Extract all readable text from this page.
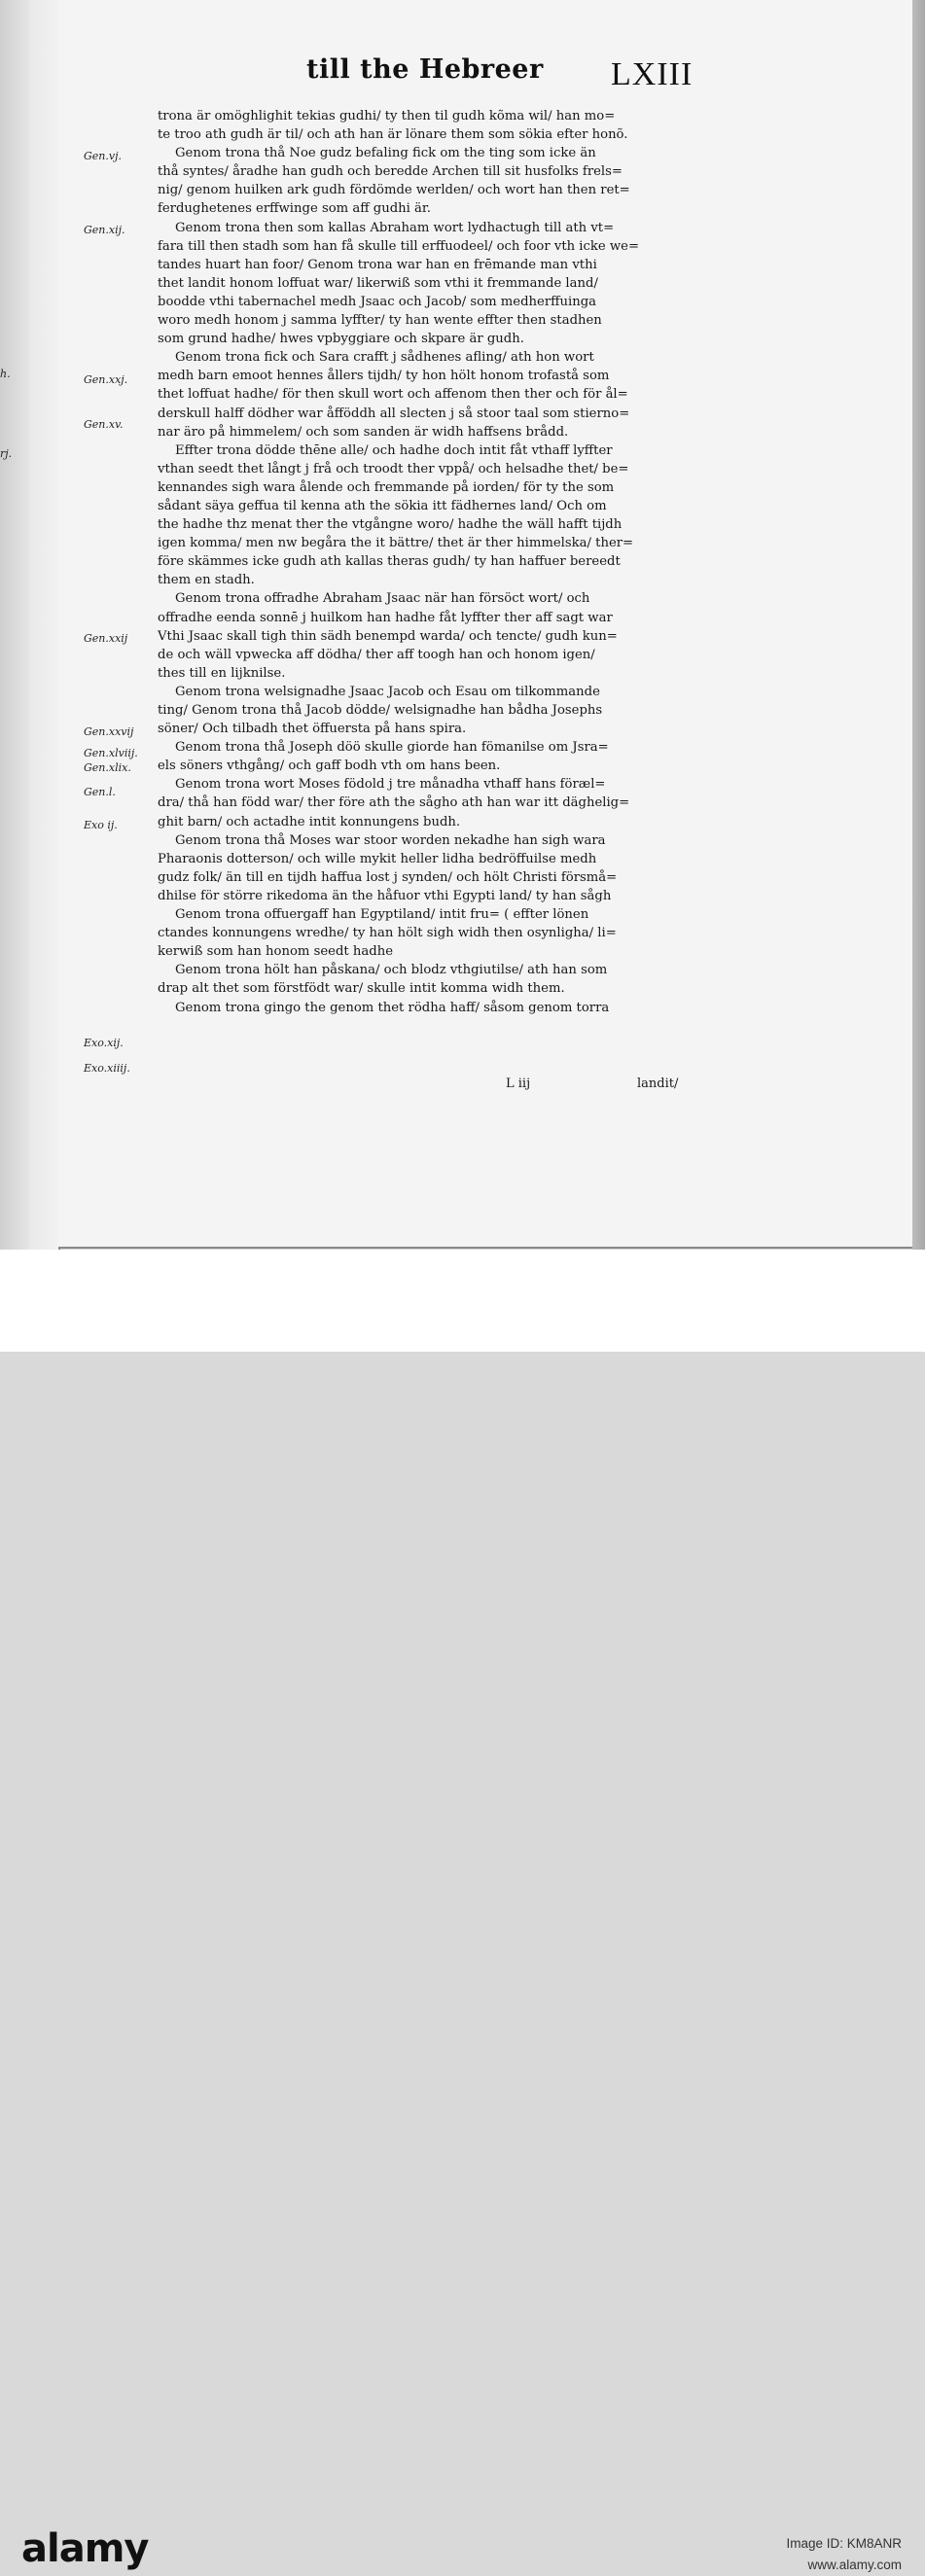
h.
rj.
till the Hebreer LXIII
Gen.vj.
Gen.xij.
Gen.xxj.
Gen.xv.
Gen.xxij
Gen.xxvij
Gen.xlviij.
Gen.xlix.
Gen.l.
Exo ij.
Exo.xij.
Exo.xiiij.
trona är omöghlighit tekias gudhi/ ty then til gudh kõma wil/ han mo=
te troo ath gudh är til/ och ath han är lönare them som sökia efter honõ.
Genom trona thå Noe gudz befaling fick om the ting som icke än
thå syntes/ åradhe han gudh och beredde Archen till sit husfolks frels=
nig/ genom huilken ark gudh fördömde werlden/ och wort han then ret=
ferdughetenes erffwinge som aff gudhi är.
Genom trona then som kallas Abraham wort lydhactugh till ath vt=
fara till then stadh som han få skulle till erffuodeel/ och foor vth icke we=
tandes huart han foor/ Genom trona war han en frēmande man vthi
thet landit honom loffuat war/ likerwiß som vthi it fremmande land/
boodde vthi tabernachel medh Jsaac och Jacob/ som medherffuinga
woro medh honom j samma lyffter/ ty han wente effter then stadhen
som grund hadhe/ hwes vpbyggiare och skpare är gudh.
Genom trona fick och Sara crafft j sådhenes afling/ ath hon wort
medh barn emoot hennes ållers tijdh/ ty hon hölt honom trofastå som
thet loffuat hadhe/ för then skull wort och affenom then ther och för ål=
derskull halff dödher war åfföddh all slecten j så stoor taal som stierno=
nar äro på himmelem/ och som sanden är widh haffsens brådd.
Effter trona dödde thēne alle/ och hadhe doch intit fåt vthaff lyffter
vthan seedt thet långt j frå och troodt ther vppå/ och helsadhe thet/ be=
kennandes sigh wara ålende och fremmande på iorden/ för ty the som
sådant säya geffua til kenna ath the sökia itt fädhernes land/ Och om
the hadhe thz menat ther the vtgångne woro/ hadhe the wäll hafft tijdh
igen komma/ men nw begåra the it bättre/ thet är ther himmelska/ ther=
före skämmes icke gudh ath kallas theras gudh/ ty han haffuer bereedt
them en stadh.
Genom trona offradhe Abraham Jsaac när han försöct wort/ och
offradhe eenda sonnē j huilkom han hadhe fåt lyffter ther aff sagt war
Vthi Jsaac skall tigh thin sädh benempd warda/ och tencte/ gudh kun=
de och wäll vpwecka aff dödha/ ther aff toogh han och honom igen/
thes till en lijknilse.
Genom trona welsignadhe Jsaac Jacob och Esau om tilkommande
ting/ Genom trona thå Jacob dödde/ welsignadhe han bådha Josephs
söner/ Och tilbadh thet öffuersta på hans spira.
Genom trona thå Joseph döö skulle giorde han fömanilse om Jsra=
els söners vthgång/ och gaff bodh vth om hans been.
Genom trona wort Moses födold j tre månadha vthaff hans föræl=
dra/ thå han född war/ ther före ath the sågho ath han war itt däghelig=
ghit barn/ och actadhe intit konnungens budh.
Genom trona thå Moses war stoor worden nekadhe han sigh wara
Pharaonis dotterson/ och wille mykit heller lidha bedröffuilse medh
gudz folk/ än till en tijdh haffua lost j synden/ och hölt Christi försmå=
dhilse för större rikedoma än the håfuor vthi Egypti land/ ty han sågh
Genom trona offuergaff han Egyptiland/ intit fru= ( effter lönen
ctandes konnungens wredhe/ ty han hölt sigh widh then osynligha/ li=
kerwiß som han honom seedt hadhe
Genom trona hölt han påskana/ och blodz vthgiutilse/ ath han som
drap alt thet som förstfödt war/ skulle intit komma widh them.
Genom trona gingo the genom thet rödha haff/ såsom genom torra
L iij	landit/
alamy	Image ID: KM8ANR
www.alamy.com
